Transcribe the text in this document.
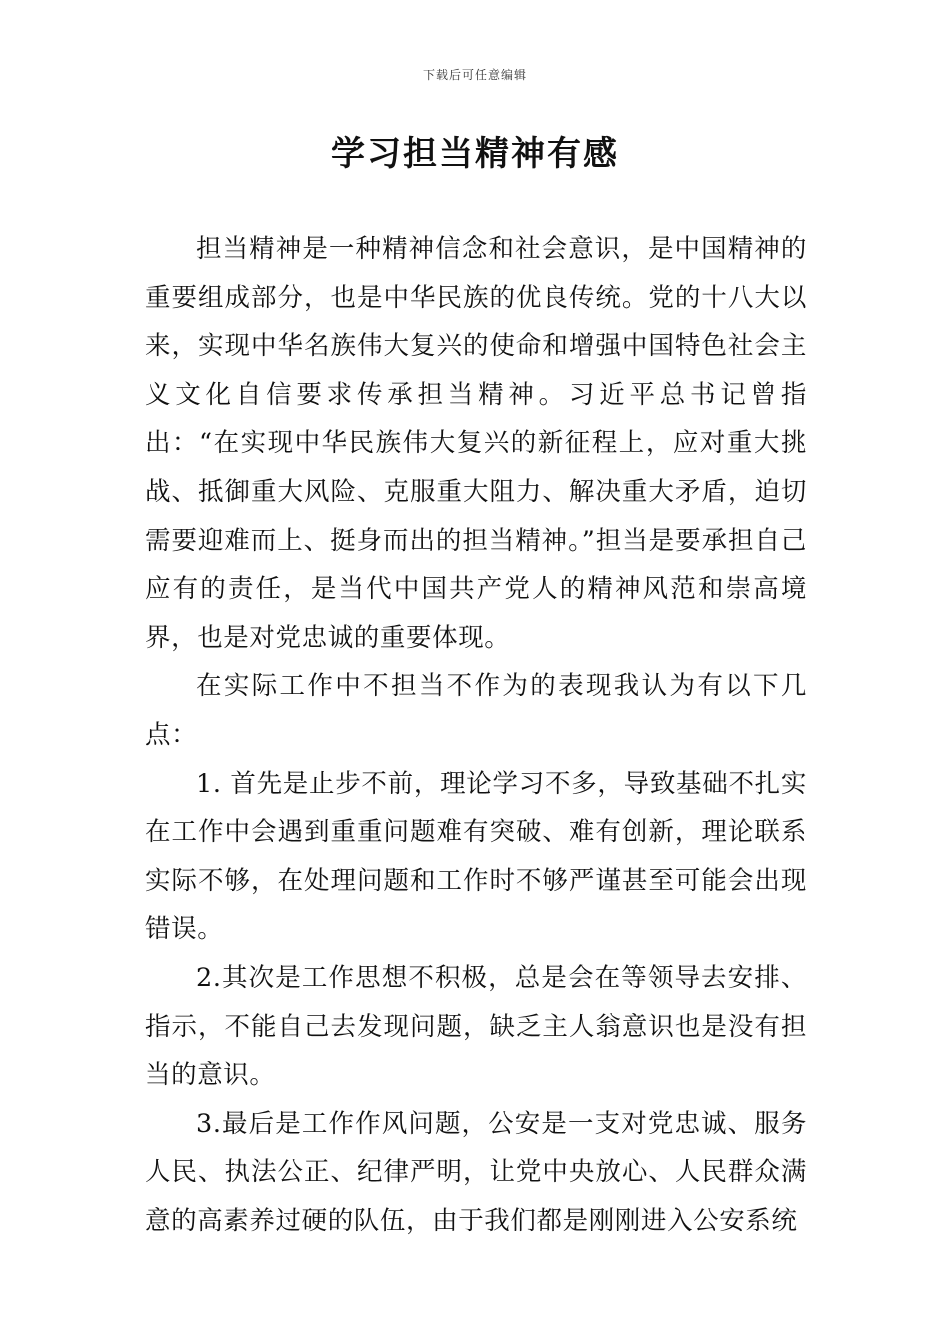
下载后可任意编辑
学习担当精神有感

担当精神是一种精神信念和社会意识，是中国精神的重要组成部分，也是中华民族的优良传统。党的十八大以来，实现中华名族伟大复兴的使命和增强中国特色社会主义文化自信要求传承担当精神。习近平总书记曾指出：“在实现中华民族伟大复兴的新征程上，应对重大挑战、抵御重大风险、克服重大阻力、解决重大矛盾，迫切需要迎难而上、挺身而出的担当精神。”担当是要承担自己应有的责任，是当代中国共产党人的精神风范和崇高境界，也是对党忠诚的重要体现。

在实际工作中不担当不作为的表现我认为有以下几点：

1. 首先是止步不前，理论学习不多，导致基础不扎实在工作中会遇到重重问题难有突破、难有创新，理论联系实际不够，在处理问题和工作时不够严谨甚至可能会出现错误。

2.其次是工作思想不积极，总是会在等领导去安排、指示，不能自己去发现问题，缺乏主人翁意识也是没有担当的意识。

3.最后是工作作风问题，公安是一支对党忠诚、服务人民、执法公正、纪律严明，让党中央放心、人民群众满意的高素养过硬的队伍，由于我们都是刚刚进入公安系统
